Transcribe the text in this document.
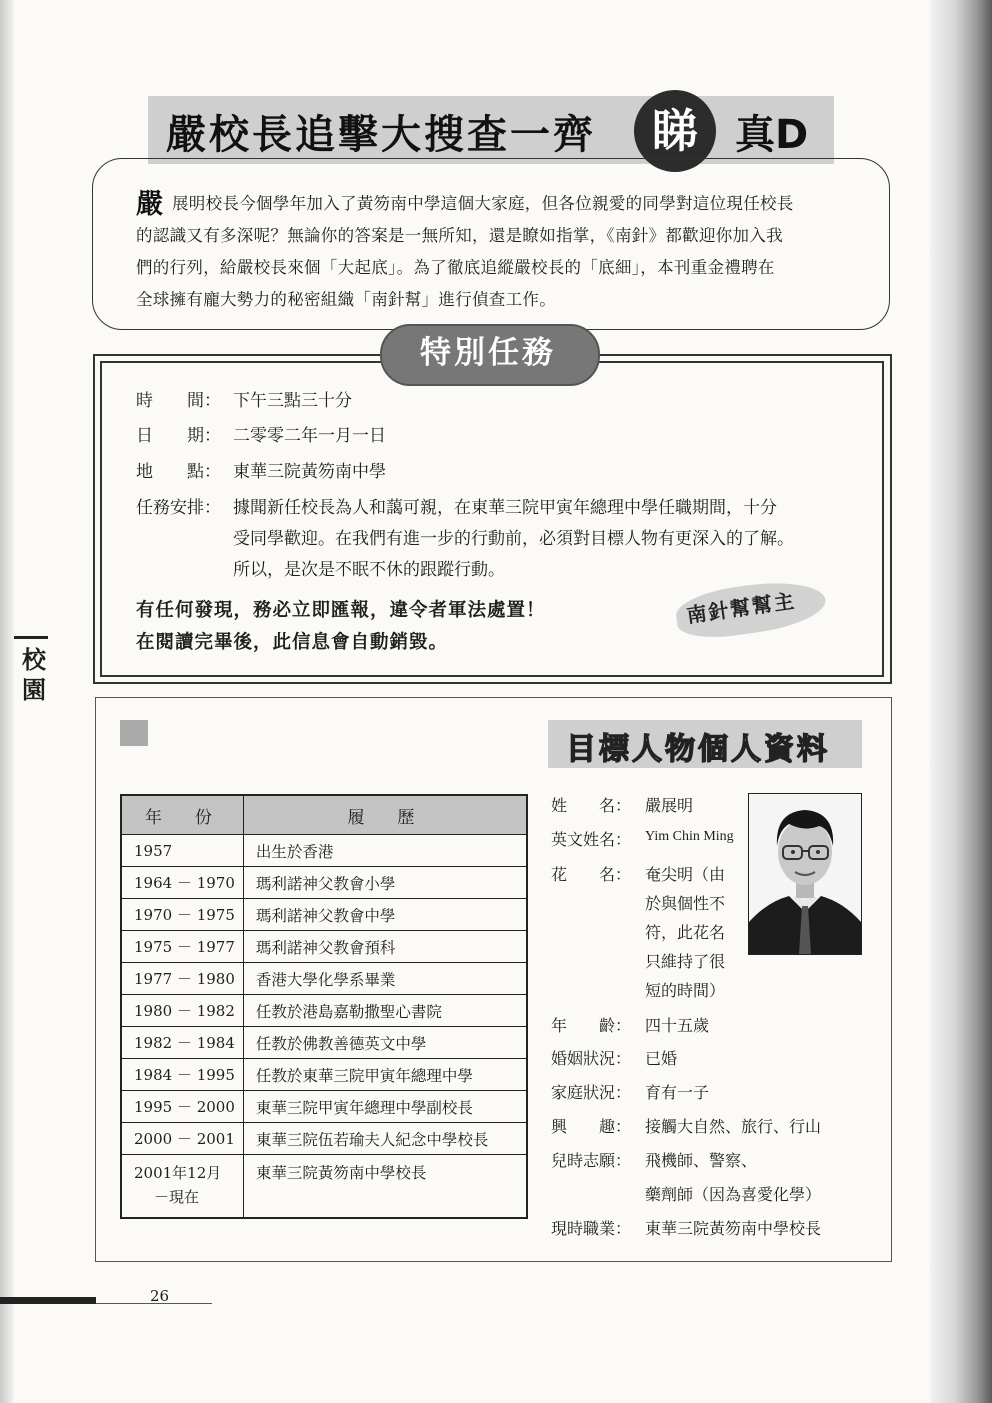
嚴校長追擊大搜查一齊	睇 真D
嚴 展明校長今個學年加入了黃笏南中學這個大家庭，但各位親愛的同學對這位現任校長
的認識又有多深呢？無論你的答案是一無所知，還是瞭如指掌，《南針》都歡迎你加入我
們的行列，給嚴校長來個「大起底」。為了徹底追縱嚴校長的「底細」，本刊重金禮聘在
全球擁有龐大勢力的秘密組織「南針幫」進行偵查工作。
特別任務
時　　間： 下午三點三十分
日　　期： 二零零二年一月一日
地　　點： 東華三院黃笏南中學
任務安排： 據聞新任校長為人和藹可親，在東華三院甲寅年總理中學任職期間，十分
受同學歡迎。在我們有進一步的行動前，必須對目標人物有更深入的了解。
所以，是次是不眠不休的跟蹤行動。
有任何發現，務必立即匯報，違令者軍法處置！
在閱讀完畢後，此信息會自動銷毀。
南針幫幫主
校
園
目標人物個人資料
年　份	履　歷
1957	出生於香港
1964 － 1970	瑪利諾神父教會小學
1970 － 1975	瑪利諾神父教會中學
1975 － 1977	瑪利諾神父教會預科
1977 － 1980	香港大學化學系畢業
1980 － 1982	任教於港島嘉勒撒聖心書院
1982 － 1984	任教於佛教善德英文中學
1984 － 1995	任教於東華三院甲寅年總理中學
1995 － 2000	東華三院甲寅年總理中學副校長
2000 － 2001	東華三院伍若瑜夫人紀念中學校長

2001年12月
－現在	東華三院黃笏南中學校長
姓　　名： 嚴展明
英文姓名： Yim Chin Ming
花　　名： 奄尖明（由
於與個性不
符，此花名
只維持了很
短的時間）
年　　齡： 四十五歲
婚姻狀況： 已婚
家庭狀況： 育有一子
興　　趣： 接觸大自然、旅行、行山
兒時志願： 飛機師、警察、
藥劑師（因為喜愛化學）
現時職業： 東華三院黃笏南中學校長
26
